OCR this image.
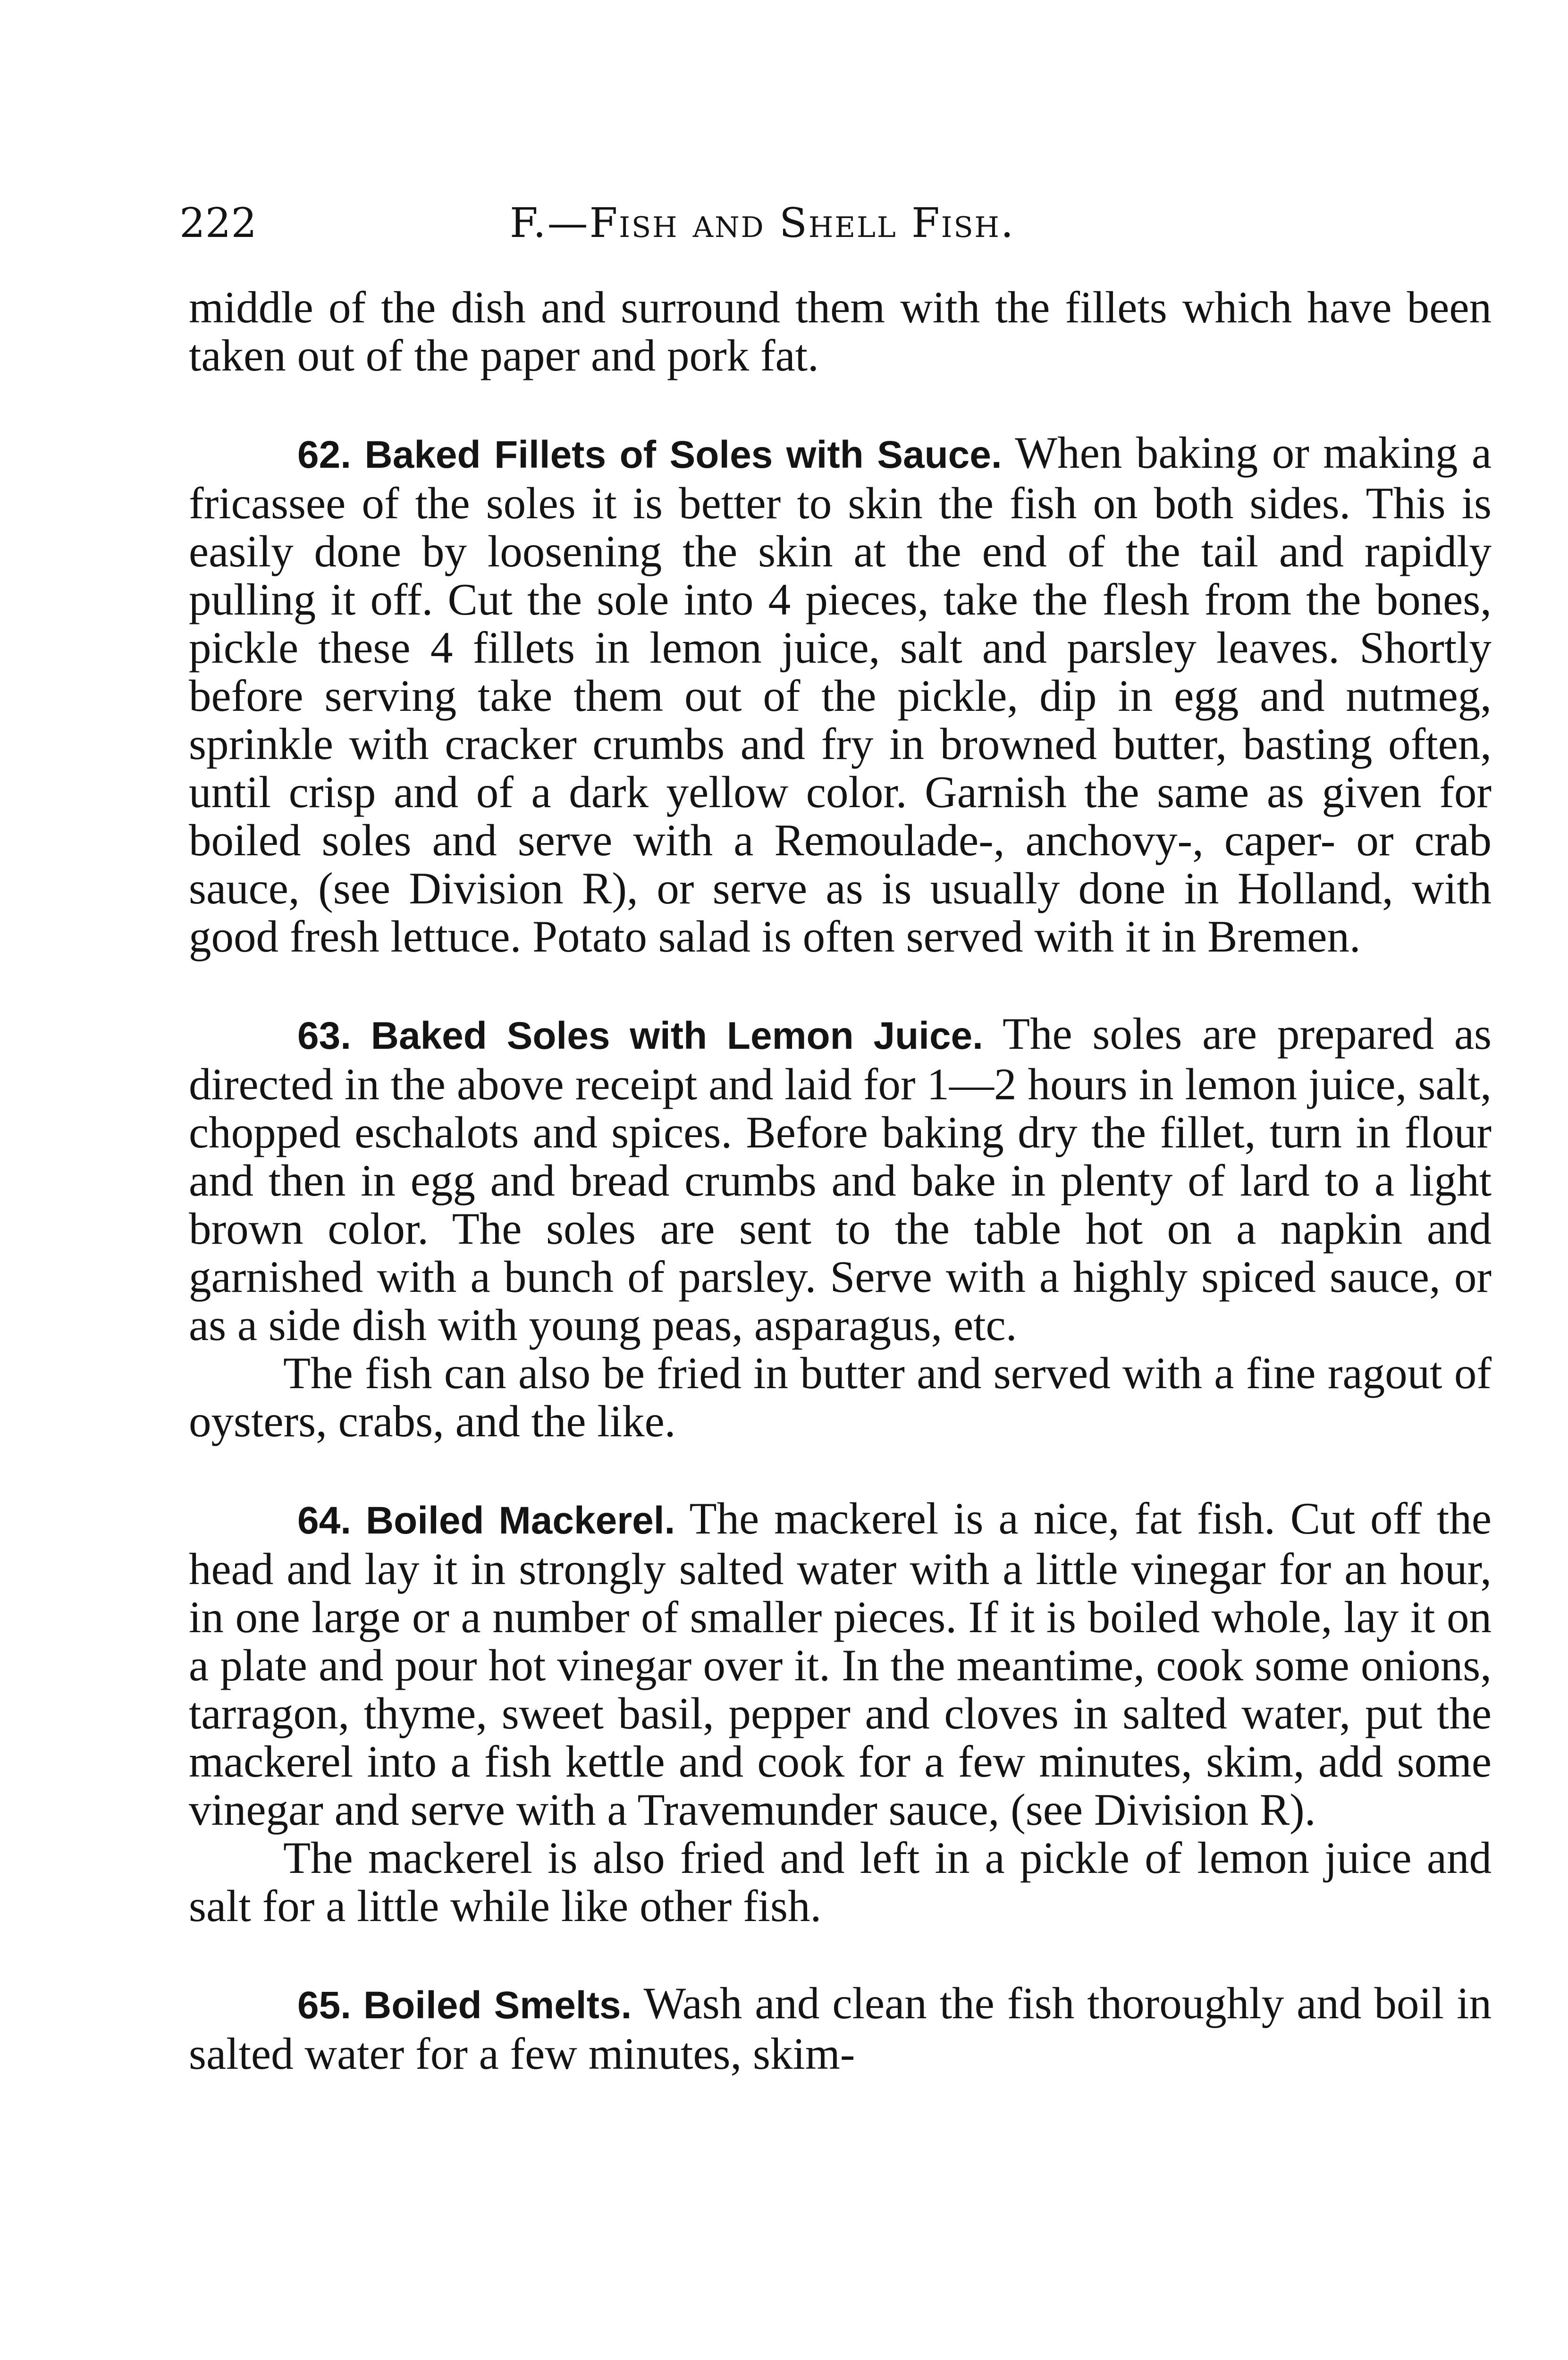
222	F.—Fish and Shell Fish.

middle of the dish and surround them with the fillets which have been taken out of the paper and pork fat.

62. Baked Fillets of Soles with Sauce. When baking or making a fricassee of the soles it is better to skin the fish on both sides. This is easily done by loosening the skin at the end of the tail and rapidly pulling it off. Cut the sole into 4 pieces, take the flesh from the bones, pickle these 4 fillets in lemon juice, salt and parsley leaves. Shortly before serving take them out of the pickle, dip in egg and nutmeg, sprinkle with cracker crumbs and fry in browned butter, basting often, until crisp and of a dark yellow color. Garnish the same as given for boiled soles and serve with a Remoulade-, anchovy-, caper- or crab sauce, (see Division R), or serve as is usually done in Holland, with good fresh lettuce. Potato salad is often served with it in Bremen.

63. Baked Soles with Lemon Juice. The soles are prepared as directed in the above receipt and laid for 1—2 hours in lemon juice, salt, chopped eschalots and spices. Before baking dry the fillet, turn in flour and then in egg and bread crumbs and bake in plenty of lard to a light brown color. The soles are sent to the table hot on a napkin and garnished with a bunch of parsley. Serve with a highly spiced sauce, or as a side dish with young peas, asparagus, etc.

The fish can also be fried in butter and served with a fine ragout of oysters, crabs, and the like.

64. Boiled Mackerel. The mackerel is a nice, fat fish. Cut off the head and lay it in strongly salted water with a little vinegar for an hour, in one large or a number of smaller pieces. If it is boiled whole, lay it on a plate and pour hot vinegar over it. In the meantime, cook some onions, tarragon, thyme, sweet basil, pepper and cloves in salted water, put the mackerel into a fish kettle and cook for a few minutes, skim, add some vinegar and serve with a Travemunder sauce, (see Division R).

The mackerel is also fried and left in a pickle of lemon juice and salt for a little while like other fish.

65. Boiled Smelts. Wash and clean the fish thoroughly and boil in salted water for a few minutes, skim-
